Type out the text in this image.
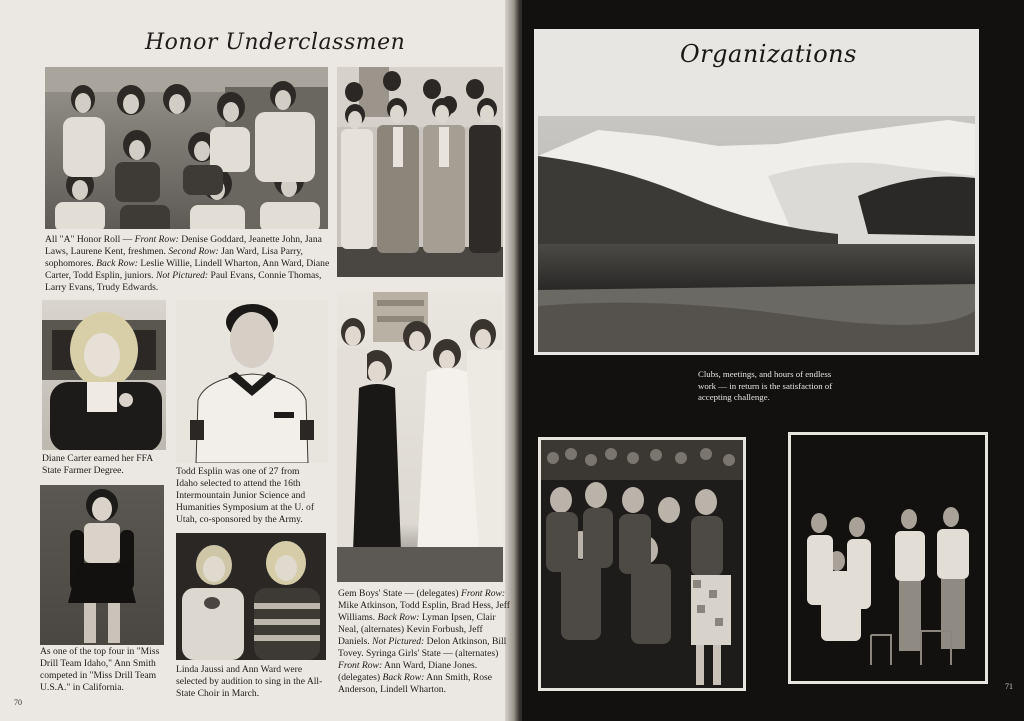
Honor Underclassmen
All "A" Honor Roll — Front Row: Denise Goddard, Jeanette John, Jana Laws, Laurene Kent, freshmen. Second Row: Jan Ward, Lisa Parry, sophomores. Back Row: Leslie Willie, Lindell Wharton, Ann Ward, Diane Carter, Todd Esplin, juniors. Not Pictured: Paul Evans, Connie Thomas, Larry Evans, Trudy Edwards.
Diane Carter earned her FFA State Farmer Degree.	Todd Esplin was one of 27 from Idaho selected to attend the 16th Intermountain Junior Science and Humanities Symposium at the U. of Utah, co-sponsored by the Army.
Gem Boys' State — (delegates) Front Row: Mike Atkinson, Todd Esplin, Brad Hess, Jeff Williams. Back Row: Lyman Ipsen, Clair Neal, (alternates) Kevin Forbush, Jeff Daniels. Not Pictured: Delon Atkinson, Bill Tovey. Syringa Girls' State — (alternates) Front Row: Ann Ward, Diane Jones. (delegates) Back Row: Ann Smith, Rose Anderson, Lindell Wharton.
As one of the top four in "Miss Drill Team Idaho," Ann Smith competed in "Miss Drill Team U.S.A." in California.
Linda Jaussi and Ann Ward were selected by audition to sing in the All-State Choir in March.
70
Organizations
Clubs, meetings, and hours of endless work — in return is the satisfaction of accepting challenge.
71
